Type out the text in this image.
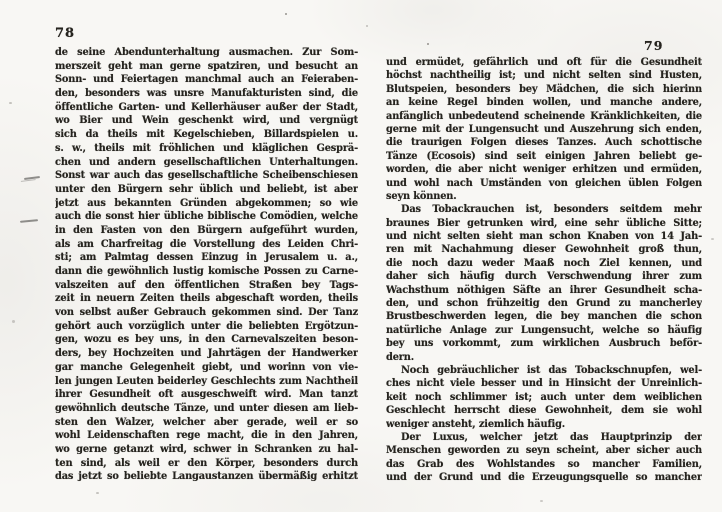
78
79
de seine Abendunterhaltung ausmachen. Zur Som-
merszeit geht man gerne spatziren, und besucht an
Sonn- und Feiertagen manchmal auch an Feieraben-
den, besonders was unsre Manufakturisten sind, die
öffentliche Garten- und Kellerhäuser außer der Stadt,
wo Bier und Wein geschenkt wird, und vergnügt
sich da theils mit Kegelschieben, Billardspielen u.
s. w., theils mit fröhlichen und kläglichen Gesprä-
chen und andern gesellschaftlichen Unterhaltungen.
Sonst war auch das gesellschaftliche Scheibenschiesen
unter den Bürgern sehr üblich und beliebt, ist aber
jetzt aus bekannten Gründen abgekommen; so wie
auch die sonst hier übliche biblische Comödien, welche
in den Fasten von den Bürgern aufgeführt wurden,
als am Charfreitag die Vorstellung des Leiden Chri-
sti; am Palmtag dessen Einzug in Jerusalem u. a.,
dann die gewöhnlich lustig komische Possen zu Carne-
valszeiten auf den öffentlichen Straßen bey Tags-
zeit in neuern Zeiten theils abgeschaft worden, theils
von selbst außer Gebrauch gekommen sind. Der Tanz
gehört auch vorzüglich unter die beliebten Ergötzun-
gen, wozu es bey uns, in den Carnevalszeiten beson-
ders, bey Hochzeiten und Jahrtägen der Handwerker
gar manche Gelegenheit giebt, und worinn von vie-
len jungen Leuten beiderley Geschlechts zum Nachtheil
ihrer Gesundheit oft ausgeschweift wird. Man tanzt
gewöhnlich deutsche Tänze, und unter diesen am lieb-
sten den Walzer, welcher aber gerade, weil er so
wohl Leidenschaften rege macht, die in den Jahren,
wo gerne getanzt wird, schwer in Schranken zu hal-
ten sind, als weil er den Körper, besonders durch
das jetzt so beliebte Langaustanzen übermäßig erhitzt
und ermüdet, gefährlich und oft für die Gesundheit
höchst nachtheilig ist; und nicht selten sind Husten,
Blutspeien, besonders bey Mädchen, die sich hierinn
an keine Regel binden wollen, und manche andere,
anfänglich unbedeutend scheinende Kränklichkeiten, die
gerne mit der Lungensucht und Auszehrung sich enden,
die traurigen Folgen dieses Tanzes. Auch schottische
Tänze (Ecosois) sind seit einigen Jahren beliebt ge-
worden, die aber nicht weniger erhitzen und ermüden,
und wohl nach Umständen von gleichen üblen Folgen
seyn können.
Das Tobackrauchen ist, besonders seitdem mehr
braunes Bier getrunken wird, eine sehr übliche Sitte;
und nicht selten sieht man schon Knaben von 14 Jah-
ren mit Nachahmung dieser Gewohnheit groß thun,
die noch dazu weder Maaß noch Ziel kennen, und
daher sich häufig durch Verschwendung ihrer zum
Wachsthum nöthigen Säfte an ihrer Gesundheit scha-
den, und schon frühzeitig den Grund zu mancherley
Brustbeschwerden legen, die bey manchen die schon
natürliche Anlage zur Lungensucht, welche so häufig
bey uns vorkommt, zum wirklichen Ausbruch beför-
dern.
Noch gebräuchlicher ist das Tobackschnupfen, wel-
ches nicht viele besser und in Hinsicht der Unreinlich-
keit noch schlimmer ist; auch unter dem weiblichen
Geschlecht herrscht diese Gewohnheit, dem sie wohl
weniger ansteht, ziemlich häufig.
Der Luxus, welcher jetzt das Hauptprinzip der
Menschen geworden zu seyn scheint, aber sicher auch
das Grab des Wohlstandes so mancher Familien,
und der Grund und die Erzeugungsquelle so mancher
